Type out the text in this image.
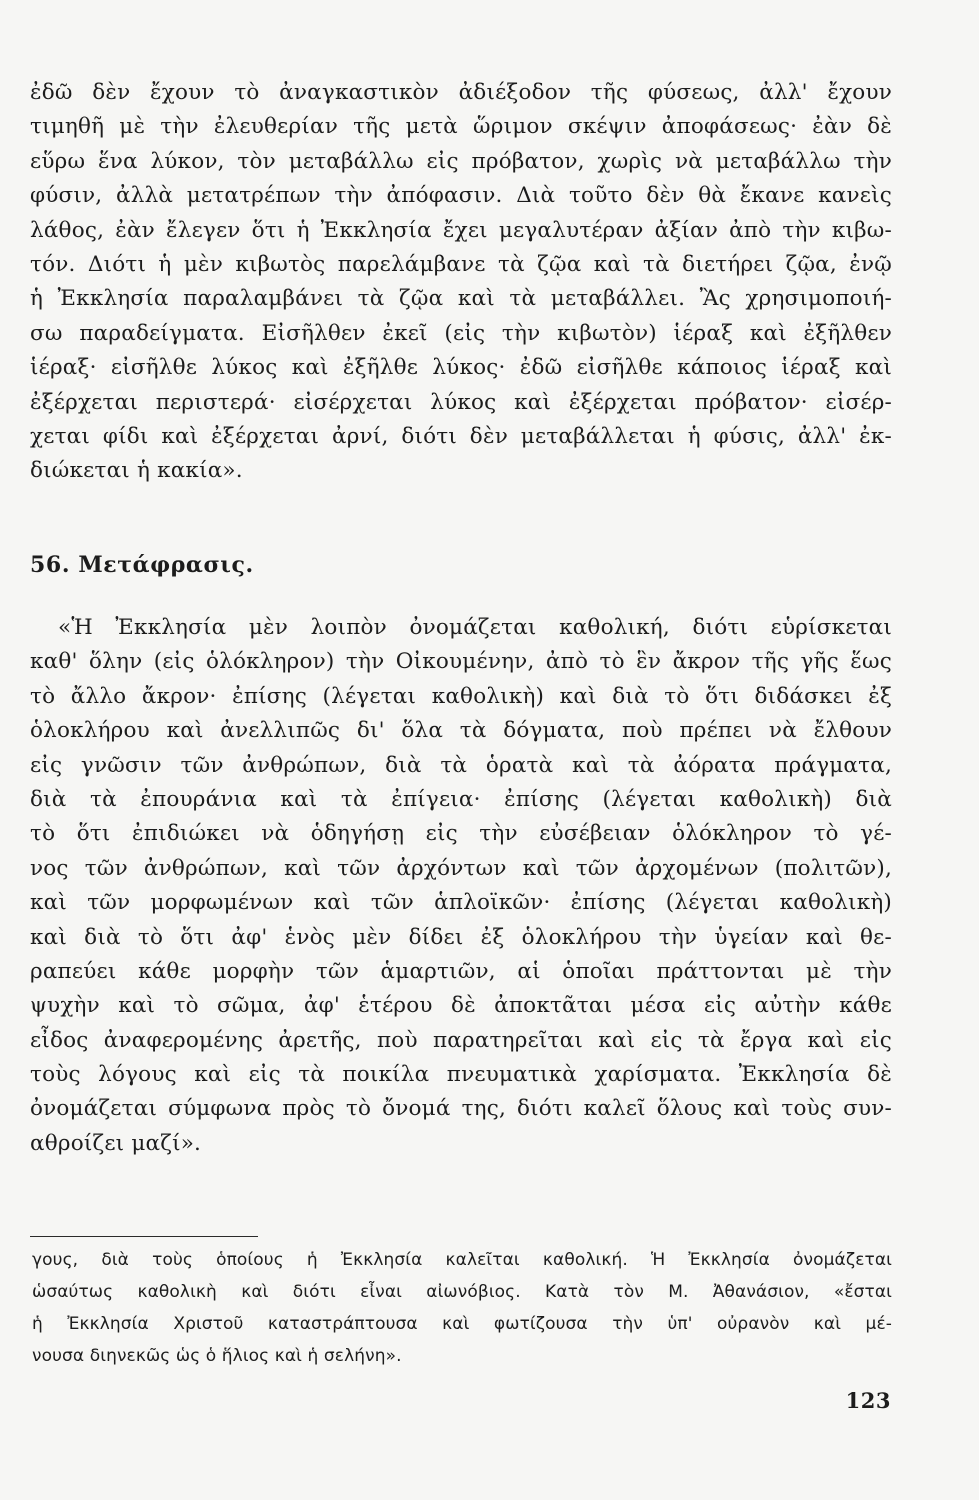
ἐδῶ δὲν ἔχουν τὸ ἀναγκαστικὸν ἀδιέξοδον τῆς φύσεως, ἀλλ' ἔχουν
τιμηθῆ μὲ τὴν ἐλευθερίαν τῆς μετὰ ὥριμον σκέψιν ἀποφάσεως· ἐὰν δὲ
εὕρω ἕνα λύκον, τὸν μεταβάλλω εἰς πρόβατον, χωρὶς νὰ μεταβάλλω τὴν
φύσιν, ἀλλὰ μετατρέπων τὴν ἀπόφασιν. Διὰ τοῦτο δὲν θὰ ἔκανε κανεὶς
λάθος, ἐὰν ἔλεγεν ὅτι ἡ Ἐκκλησία ἔχει μεγαλυτέραν ἀξίαν ἀπὸ τὴν κιβω-
τόν. Διότι ἡ μὲν κιβωτὸς παρελάμβανε τὰ ζῷα καὶ τὰ διετήρει ζῷα, ἐνῷ
ἡ Ἐκκλησία παραλαμβάνει τὰ ζῷα καὶ τὰ μεταβάλλει. Ἂς χρησιμοποιή-
σω παραδείγματα. Εἰσῆλθεν ἐκεῖ (εἰς τὴν κιβωτὸν) ἱέραξ καὶ ἐξῆλθεν
ἱέραξ· εἰσῆλθε λύκος καὶ ἐξῆλθε λύκος· ἐδῶ εἰσῆλθε κάποιος ἱέραξ καὶ
ἐξέρχεται περιστερά· εἰσέρχεται λύκος καὶ ἐξέρχεται πρόβατον· εἰσέρ-
χεται φίδι καὶ ἐξέρχεται ἀρνί, διότι δὲν μεταβάλλεται ἡ φύσις, ἀλλ' ἐκ-
διώκεται ἡ κακία».
56. Μετάφρασις.
«Ἡ Ἐκκλησία μὲν λοιπὸν ὀνομάζεται καθολική, διότι εὑρίσκεται
καθ' ὅλην (εἰς ὁλόκληρον) τὴν Οἰκουμένην, ἀπὸ τὸ ἓν ἄκρον τῆς γῆς ἕως
τὸ ἄλλο ἄκρον· ἐπίσης (λέγεται καθολικὴ) καὶ διὰ τὸ ὅτι διδάσκει ἐξ
ὁλοκλήρου καὶ ἀνελλιπῶς δι' ὅλα τὰ δόγματα, ποὺ πρέπει νὰ ἔλθουν
εἰς γνῶσιν τῶν ἀνθρώπων, διὰ τὰ ὁρατὰ καὶ τὰ ἀόρατα πράγματα,
διὰ τὰ ἐπουράνια καὶ τὰ ἐπίγεια· ἐπίσης (λέγεται καθολικὴ) διὰ
τὸ ὅτι ἐπιδιώκει νὰ ὁδηγήσῃ εἰς τὴν εὐσέβειαν ὁλόκληρον τὸ γέ-
νος τῶν ἀνθρώπων, καὶ τῶν ἀρχόντων καὶ τῶν ἀρχομένων (πολιτῶν),
καὶ τῶν μορφωμένων καὶ τῶν ἁπλοϊκῶν· ἐπίσης (λέγεται καθολικὴ)
καὶ διὰ τὸ ὅτι ἀφ' ἑνὸς μὲν δίδει ἐξ ὁλοκλήρου τὴν ὑγείαν καὶ θε-
ραπεύει κάθε μορφὴν τῶν ἁμαρτιῶν, αἱ ὁποῖαι πράττονται μὲ τὴν
ψυχὴν καὶ τὸ σῶμα, ἀφ' ἑτέρου δὲ ἀποκτᾶται μέσα εἰς αὐτὴν κάθε
εἶδος ἀναφερομένης ἀρετῆς, ποὺ παρατηρεῖται καὶ εἰς τὰ ἔργα καὶ εἰς
τοὺς λόγους καὶ εἰς τὰ ποικίλα πνευματικὰ χαρίσματα. Ἐκκλησία δὲ
ὀνομάζεται σύμφωνα πρὸς τὸ ὄνομά της, διότι καλεῖ ὅλους καὶ τοὺς συν-
αθροίζει μαζί».
γους, διὰ τοὺς ὁποίους ἡ Ἐκκλησία καλεῖται καθολική. Ἡ Ἐκκλησία ὀνομάζεται
ὡσαύτως καθολικὴ καὶ διότι εἶναι αἰωνόβιος. Κατὰ τὸν Μ. Ἀθανάσιον, «ἔσται
ἡ Ἐκκλησία Χριστοῦ καταστράπτουσα καὶ φωτίζουσα τὴν ὑπ' οὐρανὸν καὶ μέ-
νουσα διηνεκῶς ὡς ὁ ἥλιος καὶ ἡ σελήνη».
123
